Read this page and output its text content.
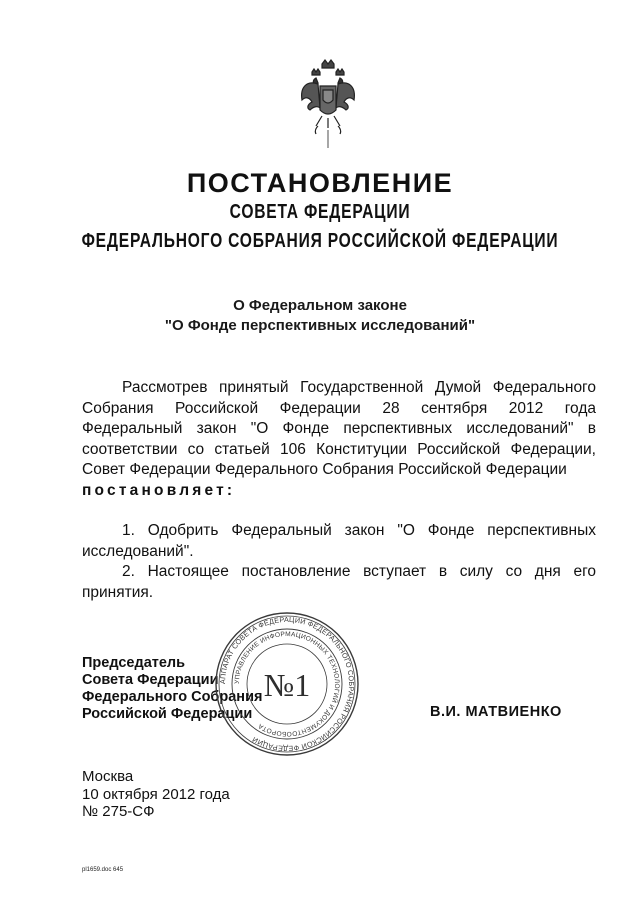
ПОСТАНОВЛЕНИЕ
СОВЕТА ФЕДЕРАЦИИ
ФЕДЕРАЛЬНОГО СОБРАНИЯ РОССИЙСКОЙ ФЕДЕРАЦИИ
О Федеральном законе
"О Фонде перспективных исследований"
Рассмотрев принятый Государственной Думой Федерального Собрания Российской Федерации 28 сентября 2012 года Федеральный закон "О Фонде перспективных исследований" в соответствии со статьей 106 Конституции Российской Федерации, Совет Федерации Федерального Собрания Российской Федерации
постановляет:
1. Одобрить Федеральный закон "О Фонде перспективных исследований".
2. Настоящее постановление вступает в силу со дня его принятия.
Председатель
Совета Федерации
Федерального Собрания
Российской Федерации	В.И. МАТВИЕНКО
АППАРАТ СОВЕТА ФЕДЕРАЦИИ ФЕДЕРАЛЬНОГО СОБРАНИЯ РОССИЙСКОЙ ФЕДЕРАЦИИ
УПРАВЛЕНИЕ ИНФОРМАЦИОННЫХ ТЕХНОЛОГИЙ И ДОКУМЕНТООБОРОТА
№1
Москва
10 октября 2012 года
№ 275-СФ
pl1659.doc 645
